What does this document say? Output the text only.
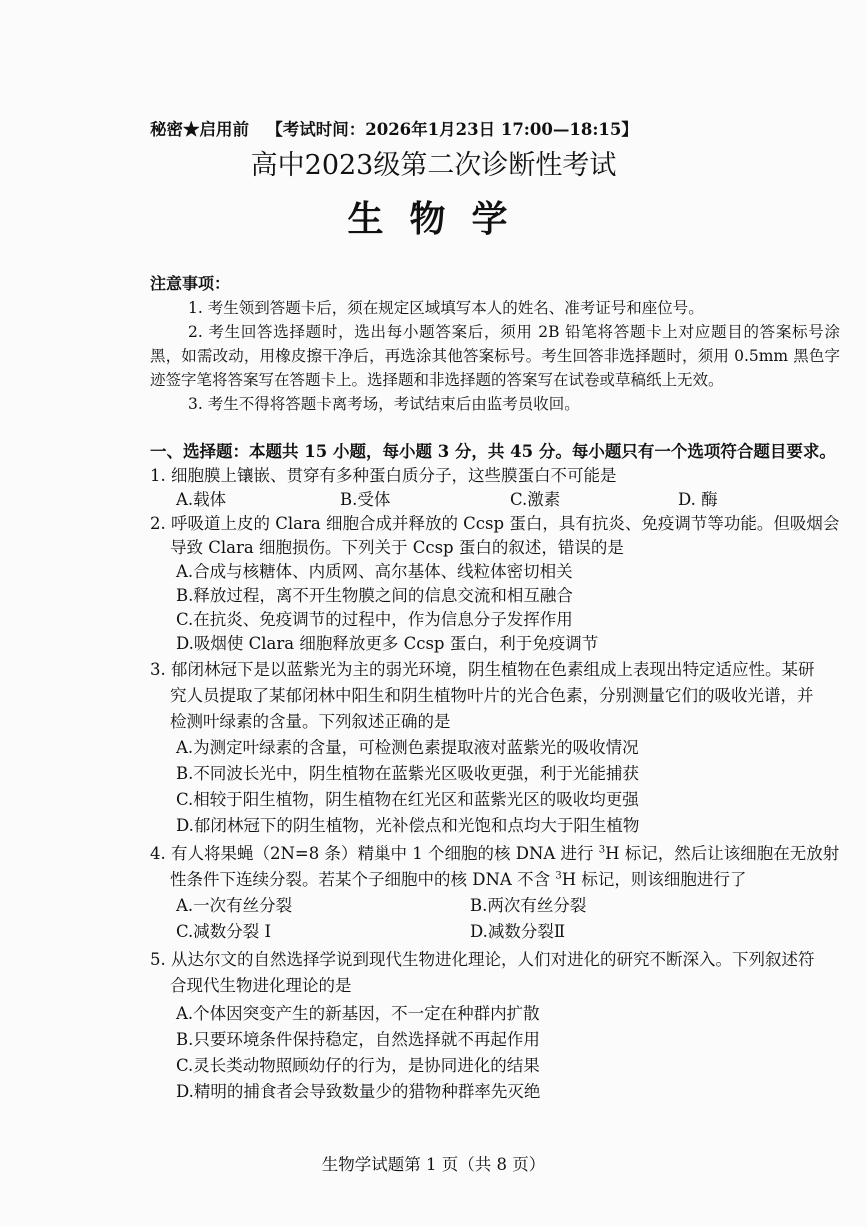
秘密★启用前 【考试时间：2026年1月23日 17:00—18:15】
高中2023级第二次诊断性考试
生物学
注意事项：
1. 考生领到答题卡后，须在规定区域填写本人的姓名、准考证号和座位号。
2. 考生回答选择题时，选出每小题答案后，须用 2B 铅笔将答题卡上对应题目的答案标号涂黑，如需改动，用橡皮擦干净后，再选涂其他答案标号。考生回答非选择题时，须用 0.5mm 黑色字迹签字笔将答案写在答题卡上。选择题和非选择题的答案写在试卷或草稿纸上无效。
3. 考生不得将答题卡离考场，考试结束后由监考员收回。
一、选择题：本题共 15 小题，每小题 3 分，共 45 分。每小题只有一个选项符合题目要求。
1. 细胞膜上镶嵌、贯穿有多种蛋白质分子，这些膜蛋白不可能是
A.载体	B.受体	C.激素	D. 酶
2. 呼吸道上皮的 Clara 细胞合成并释放的 Ccsp 蛋白，具有抗炎、免疫调节等功能。但吸烟会
导致 Clara 细胞损伤。下列关于 Ccsp 蛋白的叙述，错误的是
A.合成与核糖体、内质网、高尔基体、线粒体密切相关
B.释放过程，离不开生物膜之间的信息交流和相互融合
C.在抗炎、免疫调节的过程中，作为信息分子发挥作用
D.吸烟使 Clara 细胞释放更多 Ccsp 蛋白，利于免疫调节
3. 郁闭林冠下是以蓝紫光为主的弱光环境，阴生植物在色素组成上表现出特定适应性。某研
究人员提取了某郁闭林中阳生和阴生植物叶片的光合色素，分别测量它们的吸收光谱，并
检测叶绿素的含量。下列叙述正确的是
A.为测定叶绿素的含量，可检测色素提取液对蓝紫光的吸收情况
B.不同波长光中，阴生植物在蓝紫光区吸收更强，利于光能捕获
C.相较于阳生植物，阴生植物在红光区和蓝紫光区的吸收均更强
D.郁闭林冠下的阴生植物，光补偿点和光饱和点均大于阳生植物
4. 有人将果蝇（2N=8 条）精巢中 1 个细胞的核 DNA 进行 $^3$H 标记，然后让该细胞在无放射
性条件下连续分裂。若某个子细胞中的核 DNA 不含 $^3$H 标记，则该细胞进行了
A.一次有丝分裂	B.两次有丝分裂
C.减数分裂 Ⅰ	D.减数分裂Ⅱ
5. 从达尔文的自然选择学说到现代生物进化理论，人们对进化的研究不断深入。下列叙述符
合现代生物进化理论的是
A.个体因突变产生的新基因，不一定在种群内扩散
B.只要环境条件保持稳定，自然选择就不再起作用
C.灵长类动物照顾幼仔的行为，是协同进化的结果
D.精明的捕食者会导致数量少的猎物种群率先灭绝
生物学试题第 1 页（共 8 页）
